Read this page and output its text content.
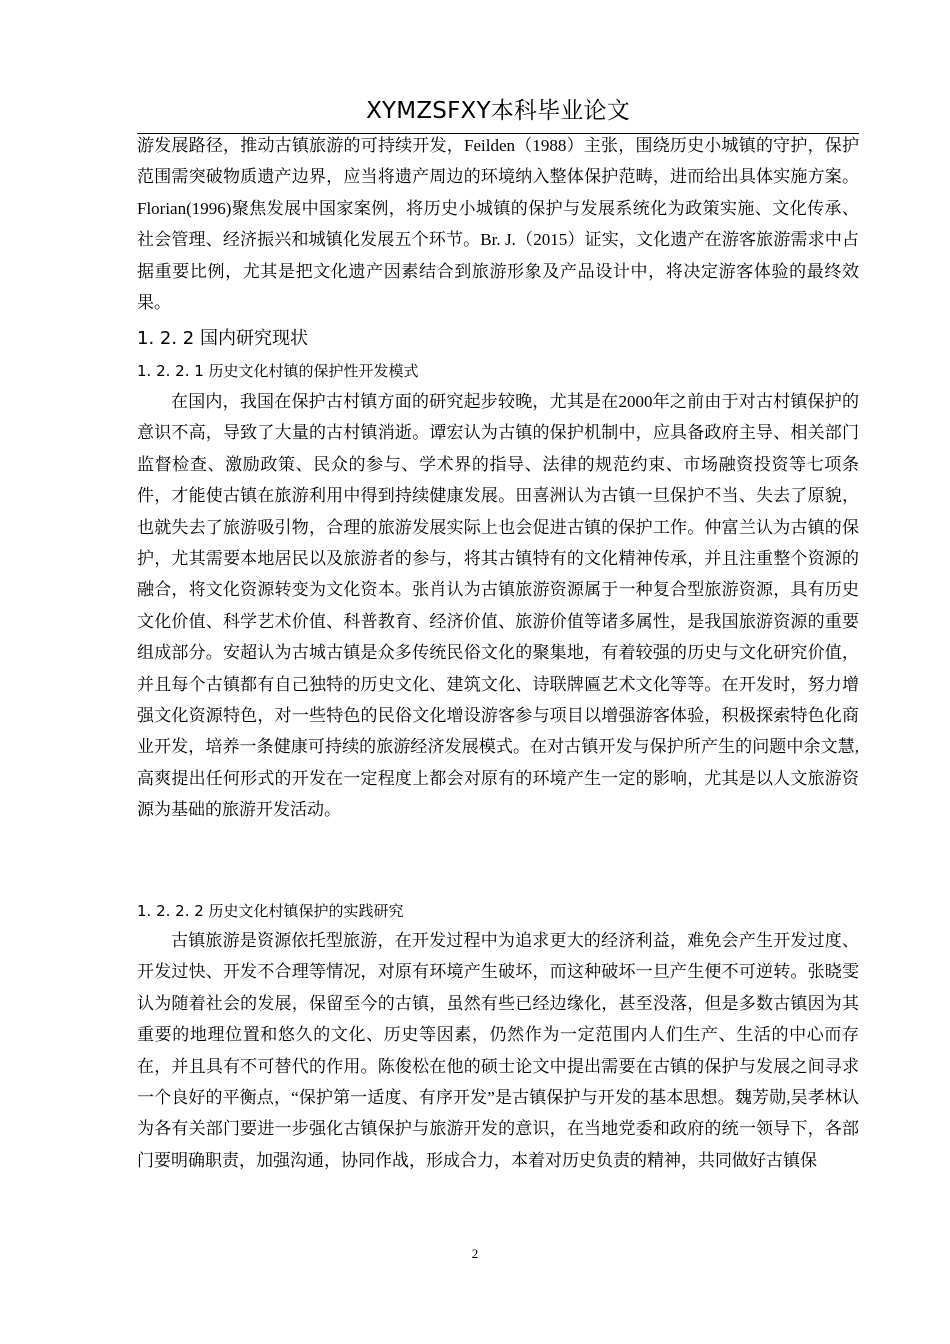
XYMZSFXY本科毕业论文

游发展路径，推动古镇旅游的可持续开发，Feilden（1988）主张，围绕历史小城镇的守护，保护范围需突破物质遗产边界，应当将遗产周边的环境纳入整体保护范畴，进而给出具体实施方案。Florian(1996)聚焦发展中国家案例，将历史小城镇的保护与发展系统化为政策实施、文化传承、社会管理、经济振兴和城镇化发展五个环节。Br. J.（2015）证实，文化遗产在游客旅游需求中占据重要比例，尤其是把文化遗产因素结合到旅游形象及产品设计中，将决定游客体验的最终效果。

1. 2. 2 国内研究现状
1. 2. 2. 1 历史文化村镇的保护性开发模式

在国内，我国在保护古村镇方面的研究起步较晚，尤其是在2000年之前由于对古村镇保护的意识不高，导致了大量的古村镇消逝。谭宏认为古镇的保护机制中，应具备政府主导、相关部门监督检查、激励政策、民众的参与、学术界的指导、法律的规范约束、市场融资投资等七项条件，才能使古镇在旅游利用中得到持续健康发展。田喜洲认为古镇一旦保护不当、失去了原貌，也就失去了旅游吸引物，合理的旅游发展实际上也会促进古镇的保护工作。仲富兰认为古镇的保护，尤其需要本地居民以及旅游者的参与，将其古镇特有的文化精神传承，并且注重整个资源的融合，将文化资源转变为文化资本。张肖认为古镇旅游资源属于一种复合型旅游资源，具有历史文化价值、科学艺术价值、科普教育、经济价值、旅游价值等诸多属性，是我国旅游资源的重要组成部分。安超认为古城古镇是众多传统民俗文化的聚集地，有着较强的历史与文化研究价值，并且每个古镇都有自己独特的历史文化、建筑文化、诗联牌匾艺术文化等等。在开发时，努力增强文化资源特色，对一些特色的民俗文化增设游客参与项目以增强游客体验，积极探索特色化商业开发，培养一条健康可持续的旅游经济发展模式。在对古镇开发与保护所产生的问题中余文慧,高爽提出任何形式的开发在一定程度上都会对原有的环境产生一定的影响，尤其是以人文旅游资源为基础的旅游开发活动。

1. 2. 2. 2 历史文化村镇保护的实践研究

古镇旅游是资源依托型旅游，在开发过程中为追求更大的经济利益，难免会产生开发过度、开发过快、开发不合理等情况，对原有环境产生破坏，而这种破坏一旦产生便不可逆转。张晓雯认为随着社会的发展，保留至今的古镇，虽然有些已经边缘化，甚至没落，但是多数古镇因为其重要的地理位置和悠久的文化、历史等因素，仍然作为一定范围内人们生产、生活的中心而存在，并且具有不可替代的作用。陈俊松在他的硕士论文中提出需要在古镇的保护与发展之间寻求一个良好的平衡点，“保护第一适度、有序开发”是古镇保护与开发的基本思想。魏芳勋,吴孝林认为各有关部门要进一步强化古镇保护与旅游开发的意识，在当地党委和政府的统一领导下，各部门要明确职责，加强沟通，协同作战，形成合力，本着对历史负责的精神，共同做好古镇保

2
